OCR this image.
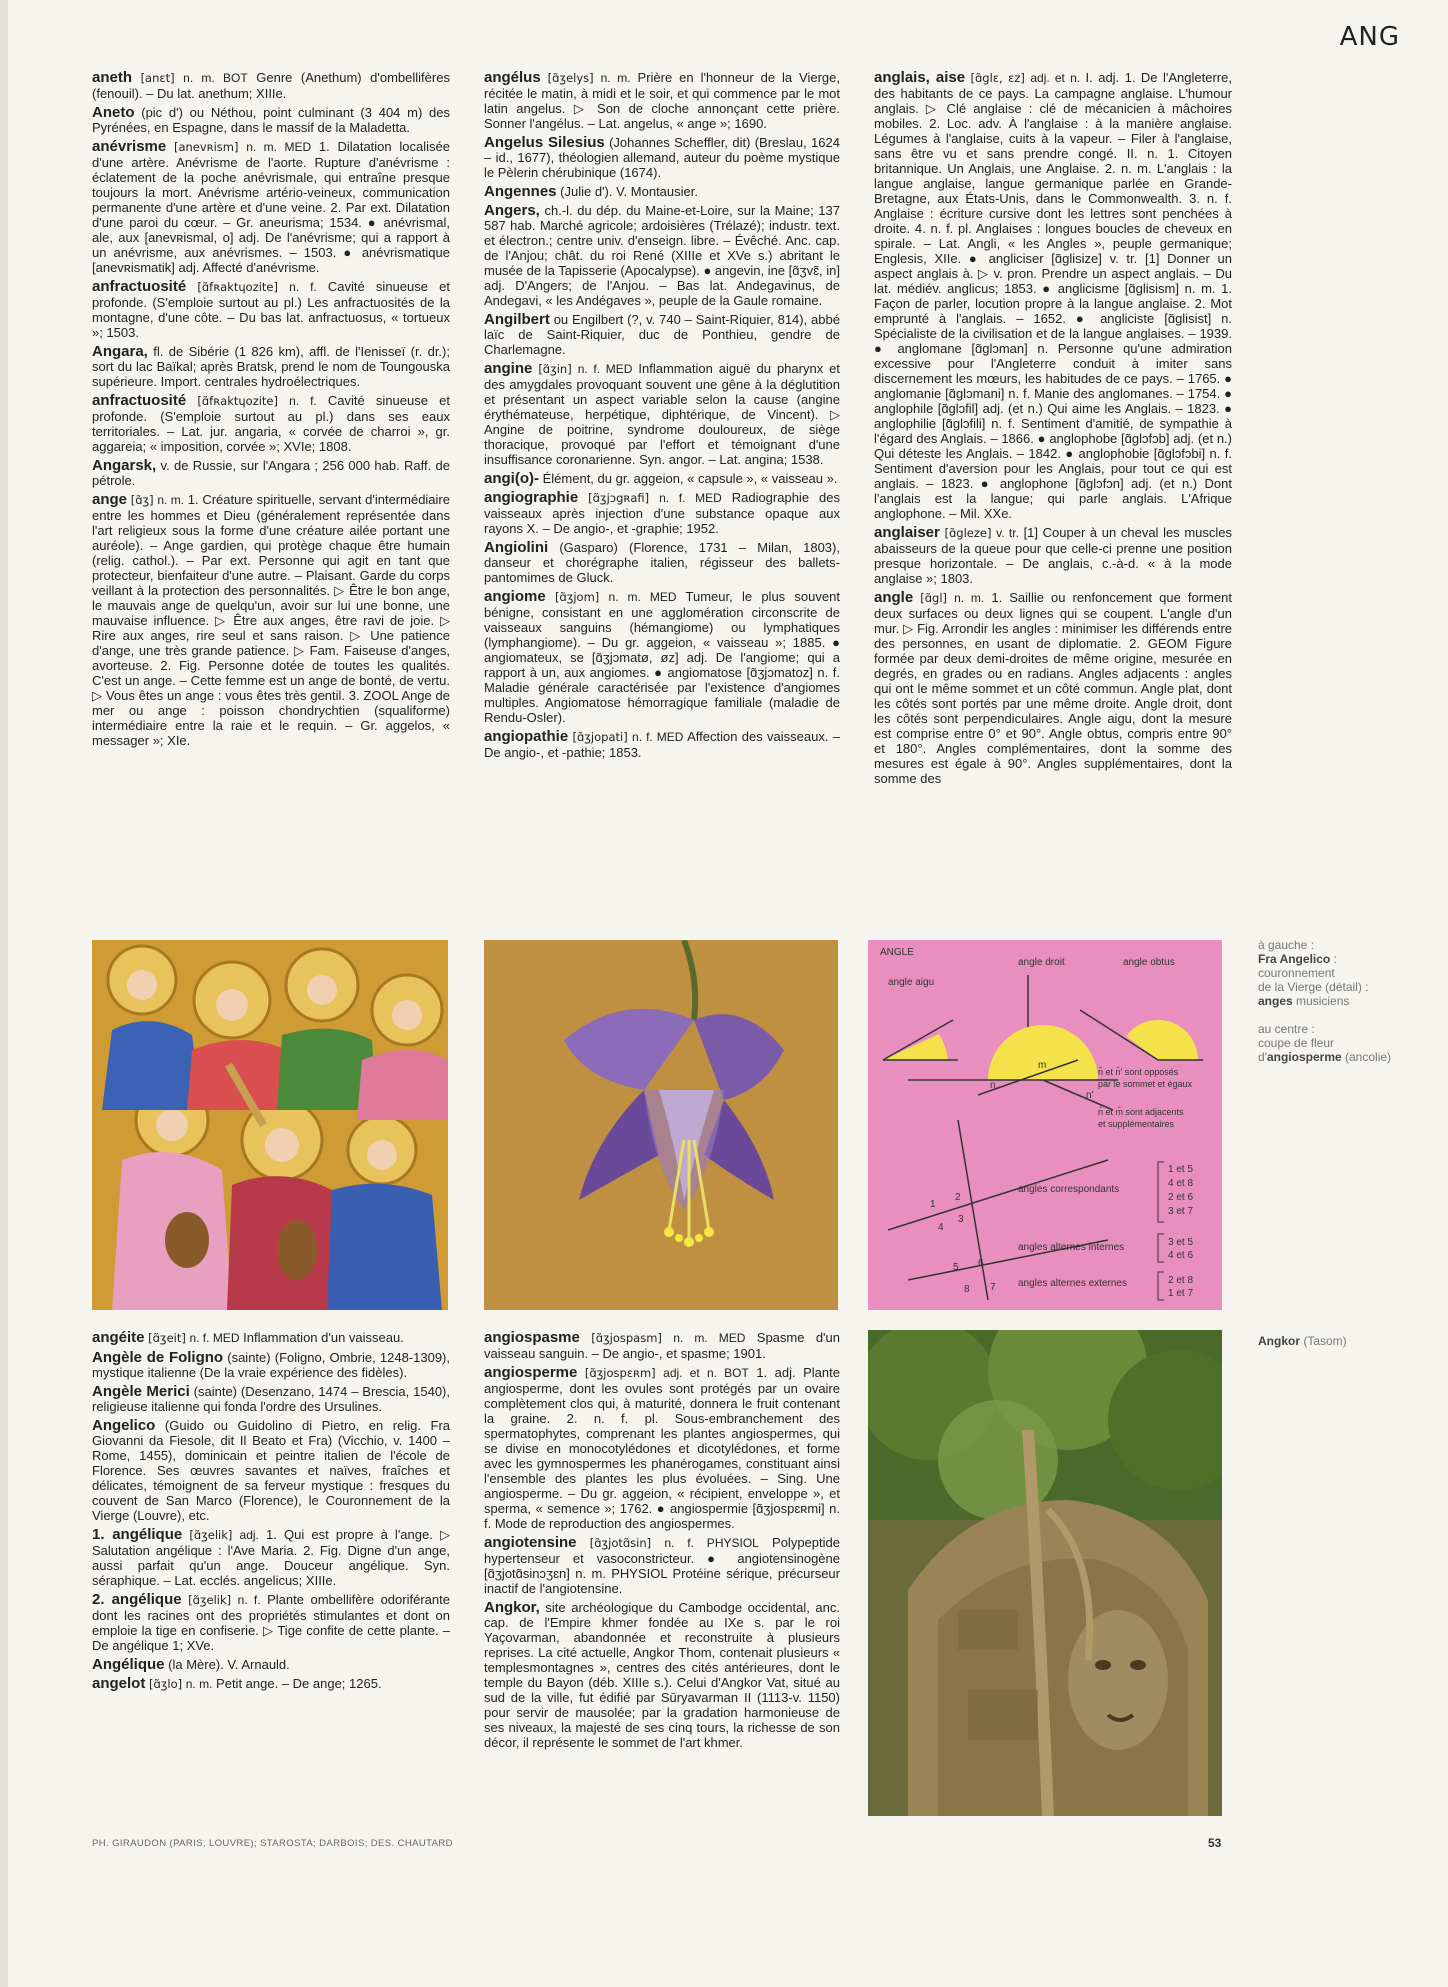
ANG

aneth [anɛt] n. m. BOT Genre (Anethum) d'ombellifères (fenouil). – Du lat. anethum; XIIIe.

Aneto (pic d') ou Néthou, point culminant (3 404 m) des Pyrénées, en Espagne, dans le massif de la Maladetta.

anévrisme [anevʀism] n. m. MED 1. Dilatation localisée d'une artère. Anévrisme de l'aorte. Rupture d'anévrisme : éclatement de la poche anévrismale, qui entraîne presque toujours la mort. Anévrisme artério-veineux, communication permanente d'une artère et d'une veine. 2. Par ext. Dilatation d'une paroi du cœur. – Gr. aneurisma; 1534. ● anévrismal, ale, aux [anevʀismal, o] adj. De l'anévrisme; qui a rapport à un anévrisme, aux anévrismes. – 1503. ● anévrismatique [anevʀismatik] adj. Affecté d'anévrisme.

anfractuosité [ɑ̃fʀaktɥozite] n. f. Cavité sinueuse et profonde. (S'emploie surtout au pl.) Les anfractuosités de la montagne, d'une côte. – Du bas lat. anfractuosus, « tortueux »; 1503.

Angara, fl. de Sibérie (1 826 km), affl. de l'Ienisseï (r. dr.); sort du lac Baïkal; après Bratsk, prend le nom de Toungouska supérieure. Import. centrales hydroélectriques.

anfractuosité [ɑ̃fʀaktɥozite] n. f. Cavité sinueuse et profonde. (S'emploie surtout au pl.) dans ses eaux territoriales. – Lat. jur. angaria, « corvée de charroi », gr. aggareia; « imposition, corvée »; XVIe; 1808.

Angarsk, v. de Russie, sur l'Angara ; 256 000 hab. Raff. de pétrole.

ange [ɑ̃ʒ] n. m. 1. Créature spirituelle, servant d'intermédiaire entre les hommes et Dieu (généralement représentée dans l'art religieux sous la forme d'une créature ailée portant une auréole). – Ange gardien, qui protège chaque être humain (relig. cathol.). – Par ext. Personne qui agit en tant que protecteur, bienfaiteur d'une autre. – Plaisant. Garde du corps veillant à la protection des personnalités. ▷ Être le bon ange, le mauvais ange de quelqu'un, avoir sur lui une bonne, une mauvaise influence. ▷ Être aux anges, être ravi de joie. ▷ Rire aux anges, rire seul et sans raison. ▷ Une patience d'ange, une très grande patience. ▷ Fam. Faiseuse d'anges, avorteuse. 2. Fig. Personne dotée de toutes les qualités. C'est un ange. – Cette femme est un ange de bonté, de vertu. ▷ Vous êtes un ange : vous êtes très gentil. 3. ZOOL Ange de mer ou ange : poisson chondrychtien (squaliforme) intermédiaire entre la raie et le requin. – Gr. aggelos, « messager »; XIe.

angélus [ɑ̃ʒelys] n. m. Prière en l'honneur de la Vierge, récitée le matin, à midi et le soir, et qui commence par le mot latin angelus. ▷ Son de cloche annonçant cette prière. Sonner l'angélus. – Lat. angelus, « ange »; 1690.

Angelus Silesius (Johannes Scheffler, dit) (Breslau, 1624 – id., 1677), théologien allemand, auteur du poème mystique le Pèlerin chérubinique (1674).

Angennes (Julie d'). V. Montausier.

Angers, ch.-l. du dép. du Maine-et-Loire, sur la Maine; 137 587 hab. Marché agricole; ardoisières (Trélazé); industr. text. et électron.; centre univ. d'enseign. libre. – Évêché. Anc. cap. de l'Anjou; chât. du roi René (XIIIe et XVe s.) abritant le musée de la Tapisserie (Apocalypse). ● angevin, ine [ɑ̃ʒvɛ̃, in] adj. D'Angers; de l'Anjou. – Bas lat. Andegavinus, de Andegavi, « les Andégaves », peuple de la Gaule romaine.

Angilbert ou Engilbert (?, v. 740 – Saint-Riquier, 814), abbé laïc de Saint-Riquier, duc de Ponthieu, gendre de Charlemagne.

angine [ɑ̃ʒin] n. f. MED Inflammation aiguë du pharynx et des amygdales provoquant souvent une gêne à la déglutition et présentant un aspect variable selon la cause (angine érythémateuse, herpétique, diphtérique, de Vincent). ▷ Angine de poitrine, syndrome douloureux, de siège thoracique, provoqué par l'effort et témoignant d'une insuffisance coronarienne. Syn. angor. – Lat. angina; 1538.

angi(o)- Élément, du gr. aggeion, « capsule », « vaisseau ».

angiographie [ɑ̃ʒjɔgʀafi] n. f. MED Radiographie des vaisseaux après injection d'une substance opaque aux rayons X. – De angio-, et -graphie; 1952.

Angiolini (Gasparo) (Florence, 1731 – Milan, 1803), danseur et chorégraphe italien, régisseur des ballets-pantomimes de Gluck.

angiome [ɑ̃ʒjom] n. m. MED Tumeur, le plus souvent bénigne, consistant en une agglomération circonscrite de vaisseaux sanguins (hémangiome) ou lymphatiques (lymphangiome). – Du gr. aggeion, « vaisseau »; 1885. ● angiomateux, se [ɑ̃ʒjɔmatø, øz] adj. De l'angiome; qui a rapport à un, aux angiomes. ● angiomatose [ɑ̃ʒjɔmatoz] n. f. Maladie générale caractérisée par l'existence d'angiomes multiples. Angiomatose hémorragique familiale (maladie de Rendu-Osler).

angiopathie [ɑ̃ʒjopati] n. f. MED Affection des vaisseaux. – De angio-, et -pathie; 1853.

anglais, aise [ɑ̃glɛ, ɛz] adj. et n. I. adj. 1. De l'Angleterre, des habitants de ce pays. La campagne anglaise. L'humour anglais. ▷ Clé anglaise : clé de mécanicien à mâchoires mobiles. 2. Loc. adv. À l'anglaise : à la manière anglaise. Légumes à l'anglaise, cuits à la vapeur. – Filer à l'anglaise, sans être vu et sans prendre congé. II. n. 1. Citoyen britannique. Un Anglais, une Anglaise. 2. n. m. L'anglais : la langue anglaise, langue germanique parlée en Grande-Bretagne, aux États-Unis, dans le Commonwealth. 3. n. f. Anglaise : écriture cursive dont les lettres sont penchées à droite. 4. n. f. pl. Anglaises : longues boucles de cheveux en spirale. – Lat. Angli, « les Angles », peuple germanique; Englesis, XIIe. ● angliciser [ɑ̃glisize] v. tr. [1] Donner un aspect anglais à. ▷ v. pron. Prendre un aspect anglais. – Du lat. médiév. anglicus; 1853. ● anglicisme [ɑ̃glisism] n. m. 1. Façon de parler, locution propre à la langue anglaise. 2. Mot emprunté à l'anglais. – 1652. ● angliciste [ɑ̃glisist] n. Spécialiste de la civilisation et de la langue anglaises. – 1939. ● anglomane [ɑ̃glɔman] n. Personne qu'une admiration excessive pour l'Angleterre conduit à imiter sans discernement les mœurs, les habitudes de ce pays. – 1765. ● anglomanie [ɑ̃glɔmani] n. f. Manie des anglomanes. – 1754. ● anglophile [ɑ̃glɔfil] adj. (et n.) Qui aime les Anglais. – 1823. ● anglophilie [ɑ̃glɔfili] n. f. Sentiment d'amitié, de sympathie à l'égard des Anglais. – 1866. ● anglophobe [ɑ̃glɔfɔb] adj. (et n.) Qui déteste les Anglais. – 1842. ● anglophobie [ɑ̃glɔfɔbi] n. f. Sentiment d'aversion pour les Anglais, pour tout ce qui est anglais. – 1823. ● anglophone [ɑ̃glɔfɔn] adj. (et n.) Dont l'anglais est la langue; qui parle anglais. L'Afrique anglophone. – Mil. XXe.

anglaiser [ɑ̃gleze] v. tr. [1] Couper à un cheval les muscles abaisseurs de la queue pour que celle-ci prenne une position presque horizontale. – De anglais, c.-à-d. « à la mode anglaise »; 1803.

angle [ɑ̃gl] n. m. 1. Saillie ou renfoncement que forment deux surfaces ou deux lignes qui se coupent. L'angle d'un mur. ▷ Fig. Arrondir les angles : minimiser les différends entre des personnes, en usant de diplomatie. 2. GEOM Figure formée par deux demi-droites de même origine, mesurée en degrés, en grades ou en radians. Angles adjacents : angles qui ont le même sommet et un côté commun. Angle plat, dont les côtés sont portés par une même droite. Angle droit, dont les côtés sont perpendiculaires. Angle aigu, dont la mesure est comprise entre 0° et 90°. Angle obtus, compris entre 90° et 180°. Angles complémentaires, dont la somme des mesures est égale à 90°. Angles supplémentaires, dont la somme des

angéite [ɑ̃ʒeit] n. f. MED Inflammation d'un vaisseau.

Angèle de Foligno (sainte) (Foligno, Ombrie, 1248-1309), mystique italienne (De la vraie expérience des fidèles).

Angèle Merici (sainte) (Desenzano, 1474 – Brescia, 1540), religieuse italienne qui fonda l'ordre des Ursulines.

Angelico (Guido ou Guidolino di Pietro, en relig. Fra Giovanni da Fiesole, dit Il Beato et Fra) (Vicchio, v. 1400 – Rome, 1455), dominicain et peintre italien de l'école de Florence. Ses œuvres savantes et naïves, fraîches et délicates, témoignent de sa ferveur mystique : fresques du couvent de San Marco (Florence), le Couronnement de la Vierge (Louvre), etc.

1. angélique [ɑ̃ʒelik] adj. 1. Qui est propre à l'ange. ▷ Salutation angélique : l'Ave Maria. 2. Fig. Digne d'un ange, aussi parfait qu'un ange. Douceur angélique. Syn. séraphique. – Lat. ecclés. angelicus; XIIIe.

2. angélique [ɑ̃ʒelik] n. f. Plante ombellifère odoriférante dont les racines ont des propriétés stimulantes et dont on emploie la tige en confiserie. ▷ Tige confite de cette plante. – De angélique 1; XVe.

Angélique (la Mère). V. Arnauld.

angelot [ɑ̃ʒlo] n. m. Petit ange. – De ange; 1265.

angiospasme [ɑ̃ʒjospasm] n. m. MED Spasme d'un vaisseau sanguin. – De angio-, et spasme; 1901.

angiosperme [ɑ̃ʒjospɛʀm] adj. et n. BOT 1. adj. Plante angiosperme, dont les ovules sont protégés par un ovaire complètement clos qui, à maturité, donnera le fruit contenant la graine. 2. n. f. pl. Sous-embranchement des spermatophytes, comprenant les plantes angiospermes, qui se divise en monocotylédones et dicotylédones, et forme avec les gymnospermes les phanérogames, constituant ainsi l'ensemble des plantes les plus évoluées. – Sing. Une angiosperme. – Du gr. aggeion, « récipient, enveloppe », et sperma, « semence »; 1762. ● angiospermie [ɑ̃ʒjospɛʀmi] n. f. Mode de reproduction des angiospermes.

angiotensine [ɑ̃ʒjotɑ̃sin] n. f. PHYSIOL Polypeptide hypertenseur et vasoconstricteur. ● angiotensinogène [ɑ̃ʒjotɑ̃sinɔʒɛn] n. m. PHYSIOL Protéine sérique, précurseur inactif de l'angiotensine.

Angkor, site archéologique du Cambodge occidental, anc. cap. de l'Empire khmer fondée au IXe s. par le roi Yaçovarman, abandonnée et reconstruite à plusieurs reprises. La cité actuelle, Angkor Thom, contenait plusieurs « templesmontagnes », centres des cités antérieures, dont le temple du Bayon (déb. XIIIe s.). Celui d'Angkor Vat, situé au sud de la ville, fut édifié par Sūryavarman II (1113-v. 1150) pour servir de mausolée; par la gradation harmonieuse de ses niveaux, la majesté de ses cinq tours, la richesse de son décor, il représente le sommet de l'art khmer.

ANGLE
angle aigu
angle droit	angle obtus
m
n
n'
n̂ et n̂' sont opposés
par le sommet et égaux
n̂ et m̂ sont adjacents
et supplémentaires
1
2
3
4
5 6
7
8
angles correspondants
angles alternes internes
angles alternes externes
1 et 5
4 et 8
2 et 6
3 et 7
3 et 5
4 et 6
2 et 8
1 et 7
à gauche :
Fra Angelico :
couronnement
de la Vierge (détail) :
anges musiciens
au centre :
coupe de fleur
d'angiosperme (ancolie)
Angkor (Tasom)
PH. GIRAUDON (PARIS, LOUVRE); STAROSTA; DARBOIS; DES. CHAUTARD	53
